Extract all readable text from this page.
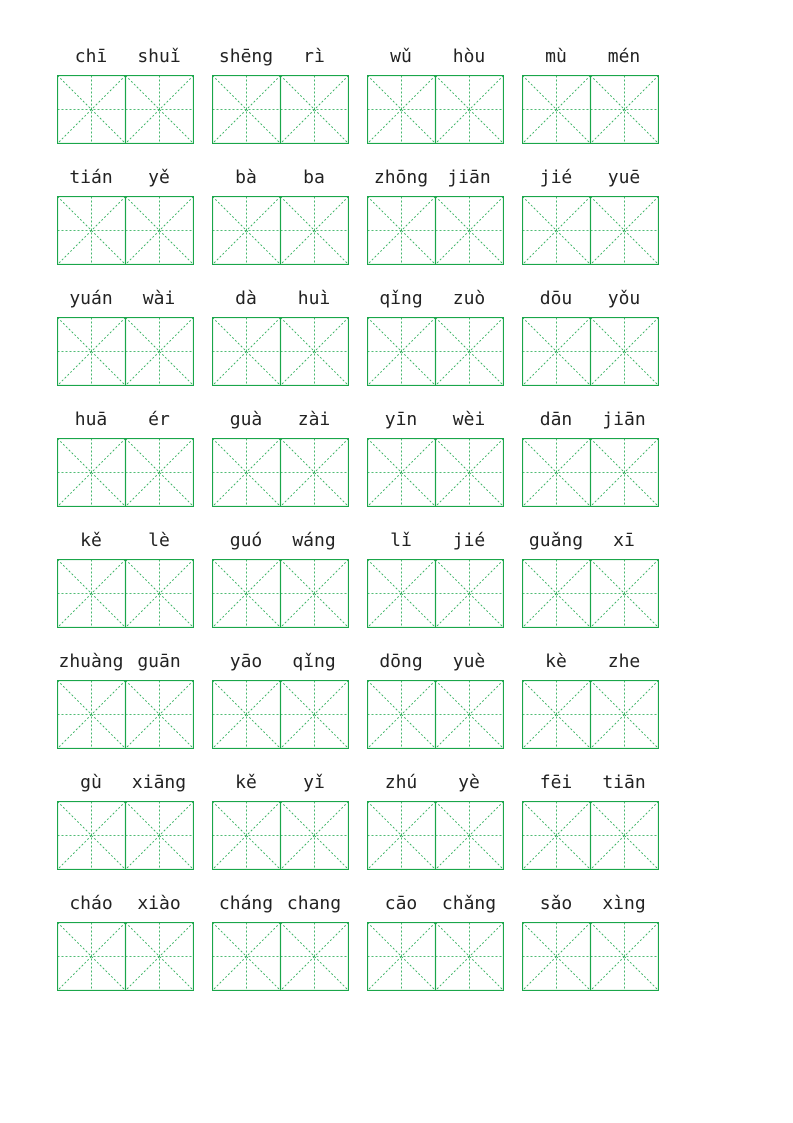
chī	shuǐ	shēng	rì	wǔ	hòu	mù	mén
tián	yě	bà	ba	zhōng	jiān	jié	yuē
yuán	wài	dà	huì	qǐng	zuò	dōu	yǒu
huā	ér	guà	zài	yīn	wèi	dān	jiān
kě	lè	guó	wáng	lǐ	jié	guǎng	xī
zhuàng guān	yāo	qǐng	dōng	yuè	kè	zhe
gù	xiāng	kě	yǐ	zhú	yè	fēi	tiān
cháo	xiào	cháng chang	cāo	chǎng	sǎo	xìng
